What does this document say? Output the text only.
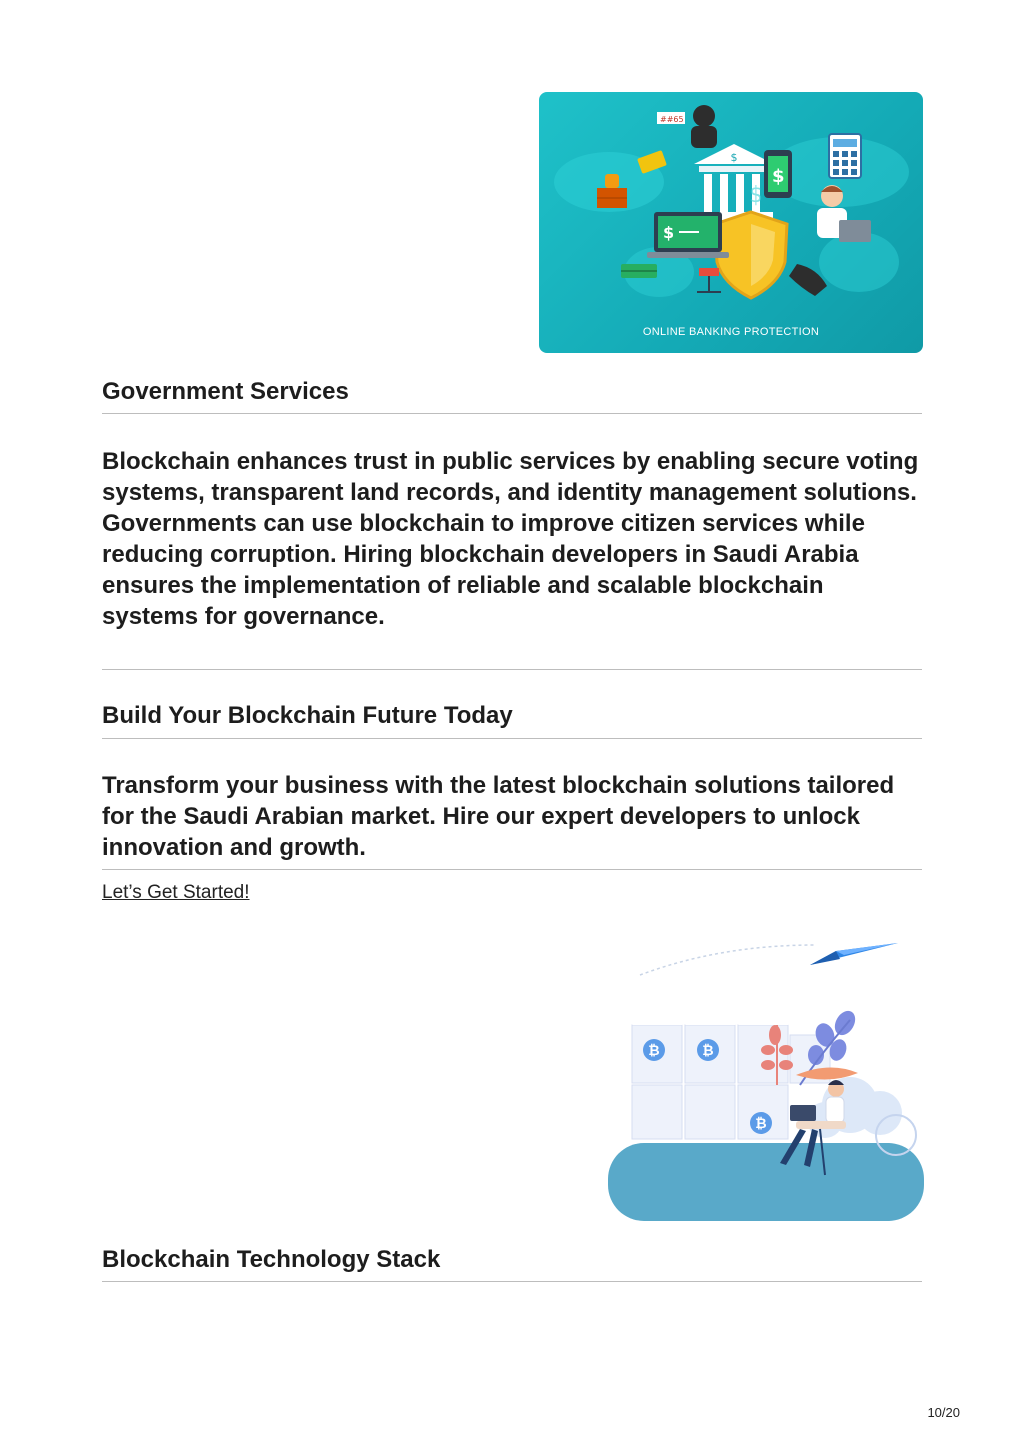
$
$
$
##65
$
ONLINE BANKING PROTECTION
Government Services
Blockchain enhances trust in public services by enabling secure voting systems, transparent land records, and identity management solutions. Governments can use blockchain to improve citizen services while reducing corruption. Hiring blockchain developers in Saudi Arabia ensures the implementation of reliable and scalable blockchain systems for governance.
Build Your Blockchain Future Today
Transform your business with the latest blockchain solutions tailored for the Saudi Arabian market. Hire our expert developers to unlock innovation and growth.
Let’s Get Started!
₿	₿
₿
Blockchain Technology Stack
10/20
